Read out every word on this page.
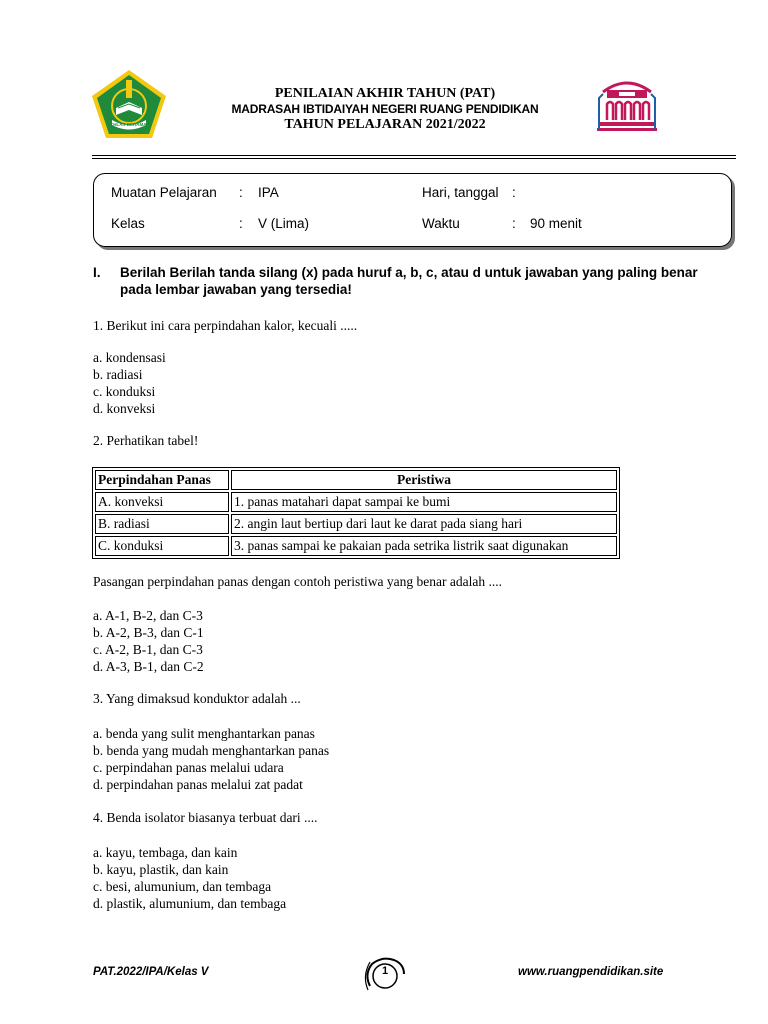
IKHLAS BERAMAL
PENILAIAN AKHIR TAHUN (PAT)
MADRASAH IBTIDAIYAH NEGERI RUANG PENDIDIKAN
TAHUN PELAJARAN 2021/2022
Muatan Pelajaran : IPA	Hari, tanggal :
Kelas	: V (Lima)	Waktu	: 90 menit
I. Berilah Berilah tanda silang (x) pada huruf a, b, c, atau d untuk jawaban yang paling benar pada lembar jawaban yang tersedia!
1. Berikut ini cara perpindahan kalor, kecuali .....
a. kondensasi
b. radiasi
c. konduksi
d. konveksi
2. Perhatikan tabel!
Perpindahan Panas	Peristiwa
A. konveksi	1. panas matahari dapat sampai ke bumi
B. radiasi	2. angin laut bertiup dari laut ke darat pada siang hari
C. konduksi	3. panas sampai ke pakaian pada setrika listrik saat digunakan
Pasangan perpindahan panas dengan contoh peristiwa yang benar adalah ....
a. A-1, B-2, dan C-3
b. A-2, B-3, dan C-1
c. A-2, B-1, dan C-3
d. A-3, B-1, dan C-2
3. Yang dimaksud konduktor adalah ...
a. benda yang sulit menghantarkan panas
b. benda yang mudah menghantarkan panas
c. perpindahan panas melalui udara
d. perpindahan panas melalui zat padat
4. Benda isolator biasanya terbuat dari ....
a. kayu, tembaga, dan kain
b. kayu, plastik, dan kain
c. besi, alumunium, dan tembaga
d. plastik, alumunium, dan tembaga
PAT.2022/IPA/Kelas V	1	www.ruangpendidikan.site
